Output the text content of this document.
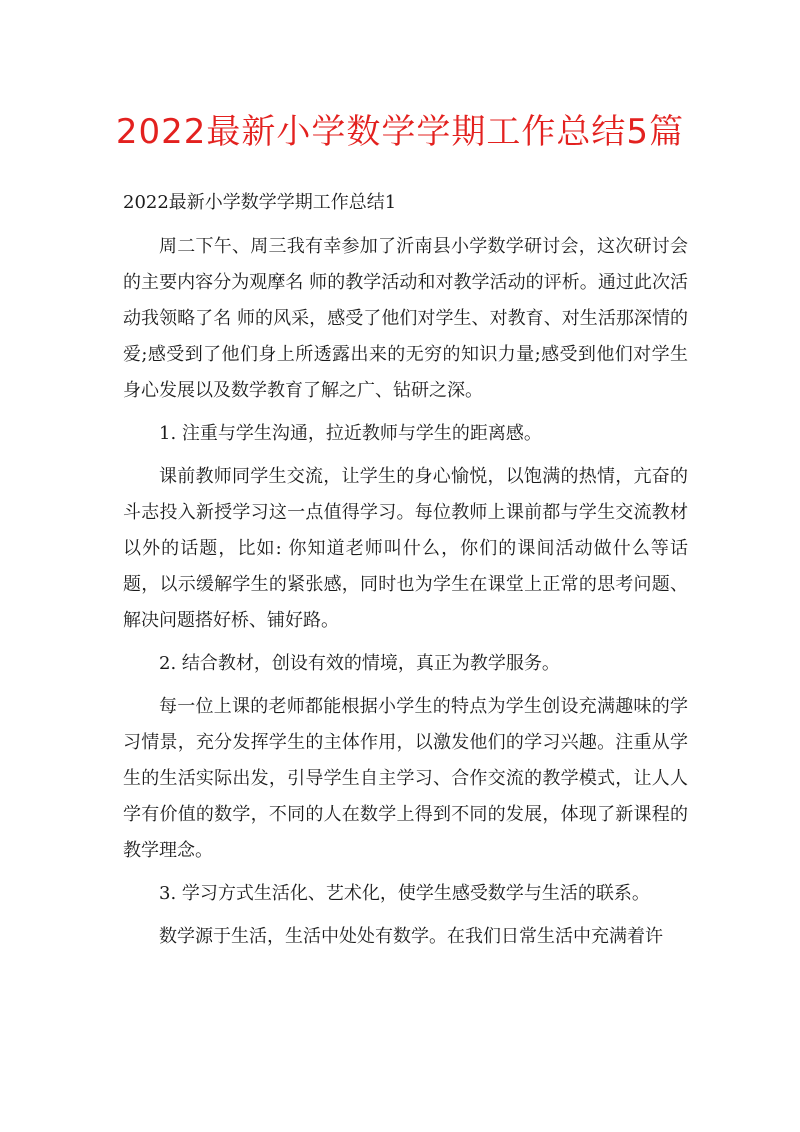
2022最新小学数学学期工作总结5篇

2022最新小学数学学期工作总结1

周二下午、周三我有幸参加了沂南县小学数学研讨会，这次研讨会的主要内容分为观摩名 师的教学活动和对教学活动的评析。通过此次活动我领略了名 师的风采，感受了他们对学生、对教育、对生活那深情的爱;感受到了他们身上所透露出来的无穷的知识力量;感受到他们对学生身心发展以及数学教育了解之广、钻研之深。

1. 注重与学生沟通，拉近教师与学生的距离感。

课前教师同学生交流，让学生的身心愉悦，以饱满的热情，亢奋的斗志投入新授学习这一点值得学习。每位教师上课前都与学生交流教材以外的话题，比如: 你知道老师叫什么，你们的课间活动做什么等话题，以示缓解学生的紧张感，同时也为学生在课堂上正常的思考问题、解决问题搭好桥、铺好路。

2. 结合教材，创设有效的情境，真正为教学服务。

每一位上课的老师都能根据小学生的特点为学生创设充满趣味的学习情景，充分发挥学生的主体作用，以激发他们的学习兴趣。注重从学生的生活实际出发，引导学生自主学习、合作交流的教学模式，让人人学有价值的数学，不同的人在数学上得到不同的发展，体现了新课程的教学理念。

3. 学习方式生活化、艺术化，使学生感受数学与生活的联系。

数学源于生活，生活中处处有数学。在我们日常生活中充满着许
